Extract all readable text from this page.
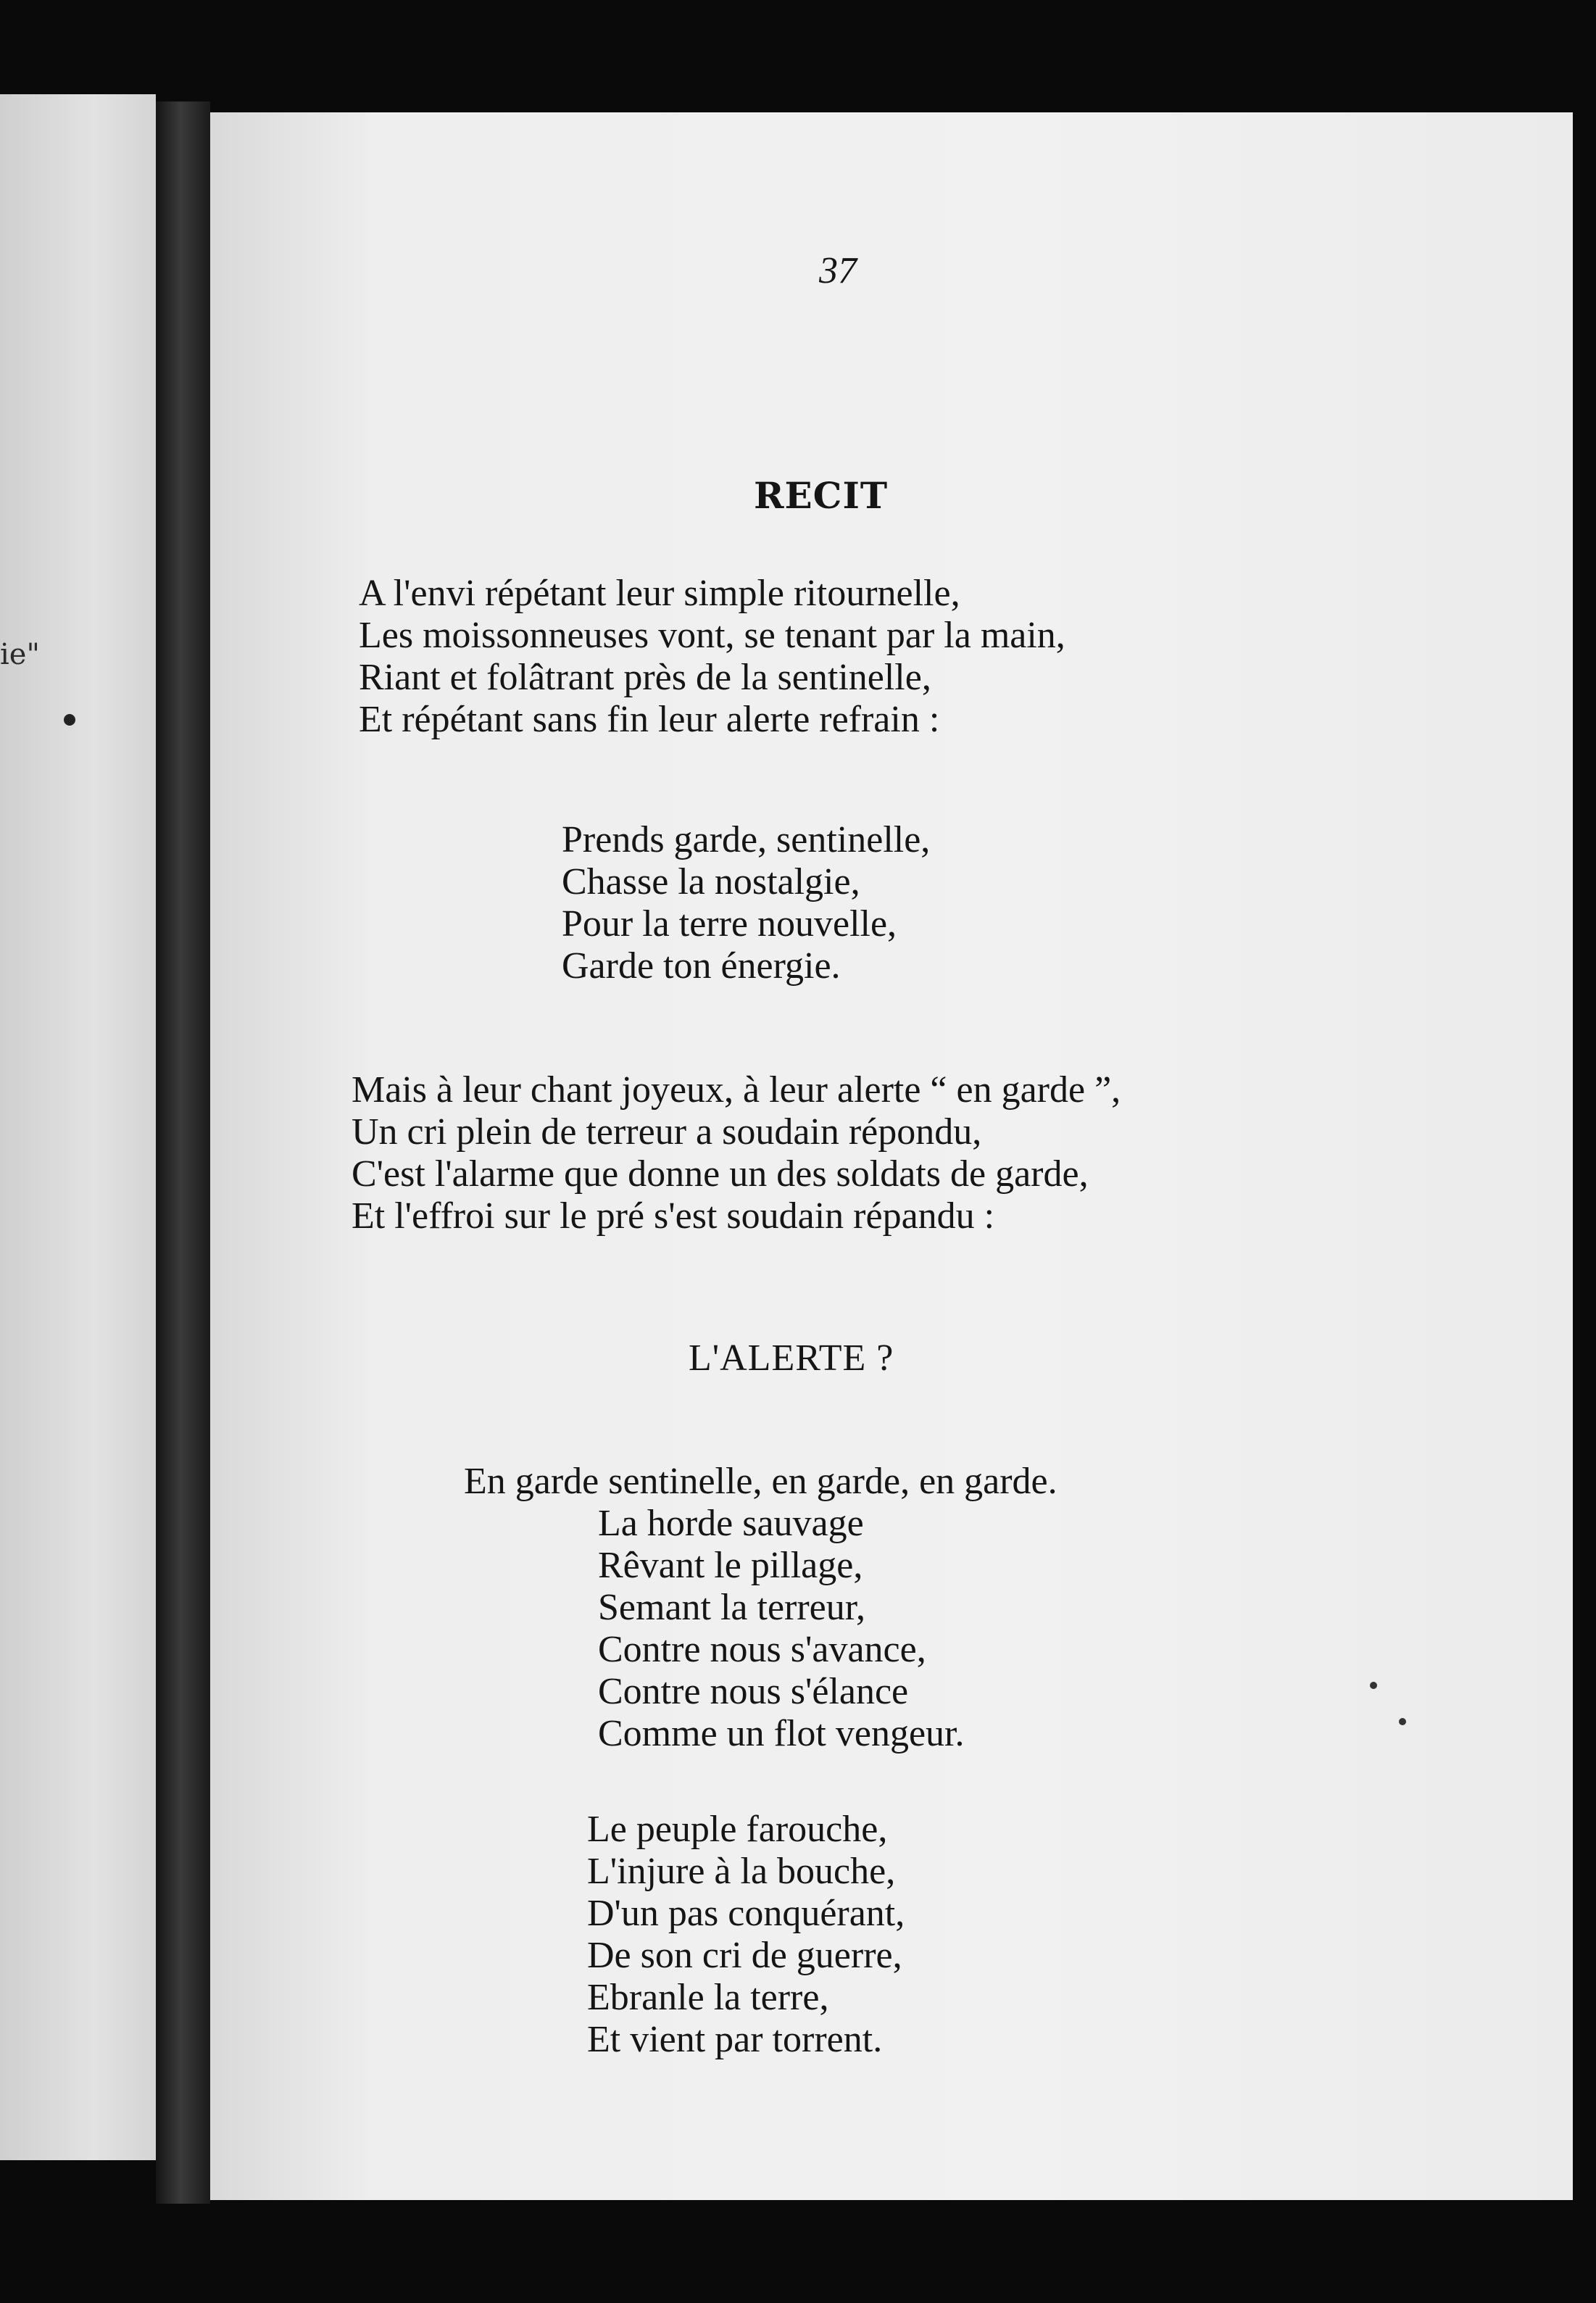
ie"
37
RECIT
A l'envi répétant leur simple ritournelle,
Les moissonneuses vont, se tenant par la main,
Riant et folâtrant près de la sentinelle,
Et répétant sans fin leur alerte refrain :
Prends garde, sentinelle,
Chasse la nostalgie,
Pour la terre nouvelle,
Garde ton énergie.
Mais à leur chant joyeux, à leur alerte “ en garde ”,
Un cri plein de terreur a soudain répondu,
C'est l'alarme que donne un des soldats de garde,
Et l'effroi sur le pré s'est soudain répandu :
L'ALERTE ?
En garde sentinelle, en garde, en garde.
La horde sauvage
Rêvant le pillage,
Semant la terreur,
Contre nous s'avance,
Contre nous s'élance
Comme un flot vengeur.
Le peuple farouche,
L'injure à la bouche,
D'un pas conquérant,
De son cri de guerre,
Ebranle la terre,
Et vient par torrent.
